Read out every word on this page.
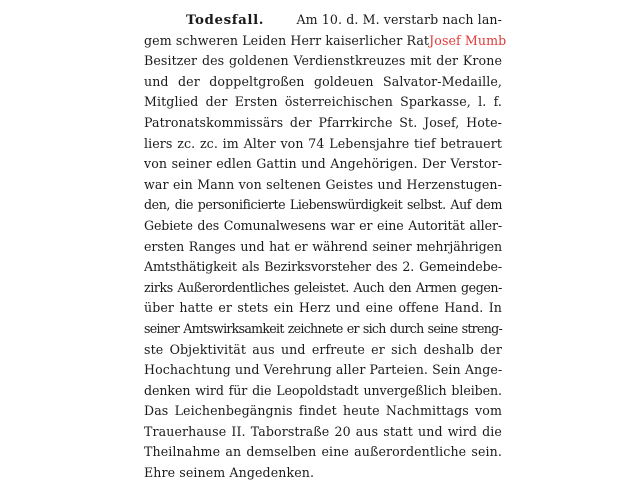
Todesfall.	Am 10. d. M. verstarb nach lan-
gem schweren Leiden Herr kaiserlicher Rat Josef Mumb
Besitzer des goldenen Verdienstkreuzes mit der Krone
und der doppeltgroßen goldeuen Salvator-Medaille,
Mitglied der Ersten österreichischen Sparkasse, l. f.
Patronatskommissärs der Pfarrkirche St. Josef, Hote-
liers zc. zc. im Alter von 74 Lebensjahre tief betrauert
von seiner edlen Gattin und Angehörigen. Der Verstor-
war ein Mann von seltenen Geistes und Herzenstugen-
den, die personificierte Liebenswürdigkeit selbst. Auf dem
Gebiete des Comunalwesens war er eine Autorität aller-
ersten Ranges und hat er während seiner mehrjährigen
Amtsthätigkeit als Bezirksvorsteher des 2. Gemeindebe-
zirks Außerordentliches geleistet. Auch den Armen gegen-
über hatte er stets ein Herz und eine offene Hand. In
seiner Amtswirksamkeit zeichnete er sich durch seine streng-
ste Objektivität aus und erfreute er sich deshalb der
Hochachtung und Verehrung aller Parteien. Sein Ange-
denken wird für die Leopoldstadt unvergeßlich bleiben.
Das Leichenbegängnis findet heute Nachmittags vom
Trauerhause II. Taborstraße 20 aus statt und wird die
Theilnahme an demselben eine außerordentliche sein.
Ehre seinem Angedenken.
